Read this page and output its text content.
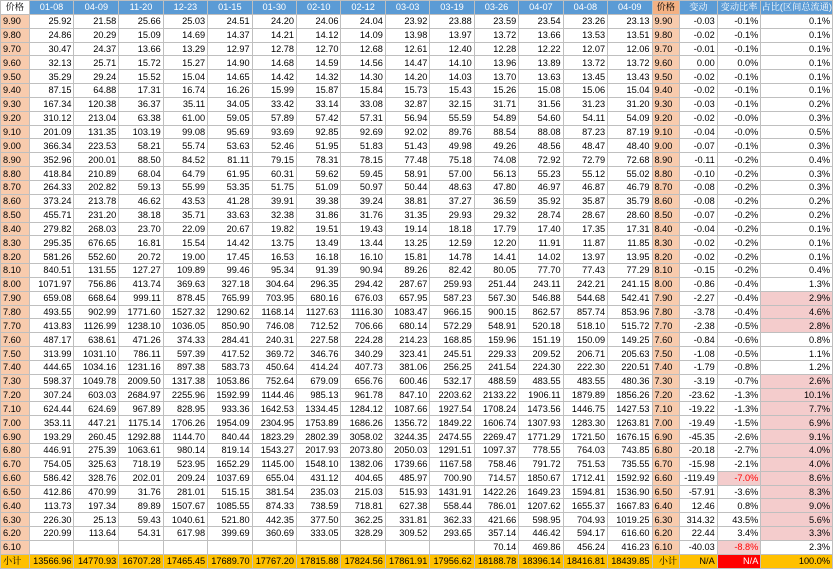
价格	01-08	04-09	11-20	12-23	01-15	01-30	02-10	02-12	03-03	03-19	03-26	04-07	04-08	04-09	价格	变动	变动比率	占比(区间总流通)
9.90	25.92	21.58	25.66	25.03	24.51	24.20	24.06	24.04	23.92	23.88	23.59	23.54	23.26	23.13	9.90	-0.03	-0.1%	0.1%
9.80	24.86	20.29	15.09	14.69	14.37	14.21	14.12	14.09	13.98	13.97	13.72	13.66	13.53	13.51	9.80	-0.02	-0.1%	0.1%
9.70	30.47	24.37	13.66	13.29	12.97	12.78	12.70	12.68	12.61	12.40	12.28	12.22	12.07	12.06	9.70	-0.01	-0.1%	0.1%
9.60	32.13	25.71	15.72	15.27	14.90	14.68	14.59	14.56	14.47	14.10	13.96	13.89	13.72	13.72	9.60	0.00	0.0%	0.1%
9.50	35.29	29.24	15.52	15.04	14.65	14.42	14.32	14.30	14.20	14.03	13.70	13.63	13.45	13.43	9.50	-0.02	-0.1%	0.1%
9.40	87.15	64.88	17.31	16.74	16.26	15.99	15.87	15.84	15.73	15.43	15.26	15.08	15.06	15.04	9.40	-0.02	-0.1%	0.1%
9.30	167.34	120.38	36.37	35.11	34.05	33.42	33.14	33.08	32.87	32.15	31.71	31.56	31.23	31.20	9.30	-0.03	-0.1%	0.2%
9.20	310.12	213.04	63.38	61.00	59.05	57.89	57.42	57.31	56.94	55.59	54.89	54.60	54.11	54.09	9.20	-0.02	-0.0%	0.3%
9.10	201.09	131.35	103.19	99.08	95.69	93.69	92.85	92.69	92.02	89.76	88.54	88.08	87.23	87.19	9.10	-0.04	-0.0%	0.5%
9.00	366.34	223.53	58.21	55.74	53.63	52.46	51.95	51.83	51.43	49.98	49.26	48.56	48.47	48.40	9.00	-0.07	-0.1%	0.3%
8.90	352.96	200.01	88.50	84.52	81.11	79.15	78.31	78.15	77.48	75.18	74.08	72.92	72.79	72.68	8.90	-0.11	-0.2%	0.4%
8.80	418.84	210.89	68.04	64.79	61.95	60.31	59.62	59.45	58.91	57.00	56.13	55.23	55.12	55.02	8.80	-0.10	-0.2%	0.3%
8.70	264.33	202.82	59.13	55.99	53.35	51.75	51.09	50.97	50.44	48.63	47.80	46.97	46.87	46.79	8.70	-0.08	-0.2%	0.3%
8.60	373.24	213.78	46.62	43.53	41.28	39.91	39.38	39.24	38.81	37.27	36.59	35.92	35.87	35.79	8.60	-0.08	-0.2%	0.2%
8.50	455.71	231.20	38.18	35.71	33.63	32.38	31.86	31.76	31.35	29.93	29.32	28.74	28.67	28.60	8.50	-0.07	-0.2%	0.2%
8.40	279.82	268.03	23.70	22.09	20.67	19.82	19.51	19.43	19.14	18.18	17.79	17.40	17.35	17.31	8.40	-0.04	-0.2%	0.1%
8.30	295.35	676.65	16.81	15.54	14.42	13.75	13.49	13.44	13.25	12.59	12.20	11.91	11.87	11.85	8.30	-0.02	-0.2%	0.1%
8.20	581.26	552.60	20.72	19.00	17.45	16.53	16.18	16.10	15.81	14.78	14.41	14.02	13.97	13.95	8.20	-0.02	-0.2%	0.1%
8.10	840.51	131.55	127.27	109.89	99.46	95.34	91.39	90.94	89.26	82.42	80.05	77.70	77.43	77.29	8.10	-0.15	-0.2%	0.4%
8.00	1071.97	756.86	413.74	369.63	327.18	304.64	296.35	294.42	287.67	259.93	251.44	243.11	242.21	241.15	8.00	-0.86	-0.4%	1.3%
7.90	659.08	668.64	999.11	878.45	765.99	703.95	680.16	676.03	657.95	587.23	567.30	546.88	544.68	542.41	7.90	-2.27	-0.4%	2.9%
7.80	493.55	902.99	1771.60	1527.32	1290.62	1168.14	1127.63	1116.30	1083.47	966.15	900.15	862.57	857.74	853.96	7.80	-3.78	-0.4%	4.6%
7.70	413.83	1126.99	1238.10	1036.05	850.90	746.08	712.52	706.66	680.14	572.29	548.91	520.18	518.10	515.72	7.70	-2.38	-0.5%	2.8%
7.60	487.17	638.61	471.26	374.33	284.41	240.31	227.58	224.28	214.23	168.85	159.96	151.19	150.09	149.25	7.60	-0.84	-0.6%	0.8%
7.50	313.99	1031.10	786.11	597.39	417.52	369.72	346.76	340.29	323.41	245.51	229.33	209.52	206.71	205.63	7.50	-1.08	-0.5%	1.1%
7.40	444.65	1034.16	1231.16	897.38	583.73	450.64	414.24	407.73	381.06	256.25	241.54	224.30	222.30	220.51	7.40	-1.79	-0.8%	1.2%
7.30	598.37	1049.78	2009.50	1317.38	1053.86	752.64	679.09	656.76	600.46	532.17	488.59	483.55	483.55	480.36	7.30	-3.19	-0.7%	2.6%
7.20	307.24	603.03	2684.97	2255.96	1592.99	1144.46	985.13	961.78	847.10	2203.62	2133.22	1906.11	1879.89	1856.26	7.20	-23.62	-1.3%	10.1%
7.10	624.44	624.69	967.89	828.95	933.36	1642.53	1334.45	1284.12	1087.66	1927.54	1708.24	1473.56	1446.75	1427.53	7.10	-19.22	-1.3%	7.7%
7.00	353.11	447.21	1175.14	1706.26	1954.09	2304.95	1753.89	1686.26	1356.72	1849.22	1606.74	1307.93	1283.30	1263.81	7.00	-19.49	-1.5%	6.9%
6.90	193.29	260.45	1292.88	1144.70	840.44	1823.29	2802.39	3058.02	3244.35	2474.55	2269.47	1771.29	1721.50	1676.15	6.90	-45.35	-2.6%	9.1%
6.80	446.91	275.39	1063.61	980.14	819.14	1543.27	2017.93	2073.80	2050.03	1291.51	1097.37	778.55	764.03	743.85	6.80	-20.18	-2.7%	4.0%
6.70	754.05	325.63	718.19	523.95	1652.29	1145.00	1548.10	1382.06	1739.66	1167.58	758.46	791.72	751.53	735.55	6.70	-15.98	-2.1%	4.0%
6.60	586.42	328.76	202.01	209.24	1037.69	655.04	431.12	404.65	485.97	700.90	714.57	1850.67	1712.41	1592.92	6.60	-119.49	-7.0%	8.6%
6.50	412.86	470.99	31.76	281.01	515.15	381.54	235.03	215.03	515.93	1431.91	1422.26	1649.23	1594.81	1536.90	6.50	-57.91	-3.6%	8.3%
6.40	113.73	197.34	89.89	1507.67	1085.55	874.33	738.59	718.81	627.38	558.44	786.01	1207.62	1655.37	1667.83	6.40	12.46	0.8%	9.0%
6.30	226.30	25.13	59.43	1040.61	521.80	442.35	377.50	362.25	331.81	362.33	421.66	598.95	704.93	1019.25	6.30	314.32	43.5%	5.6%
6.20	220.99	113.64	54.31	617.98	399.69	360.69	333.05	328.29	309.52	293.65	357.14	446.42	594.17	616.60	6.20	22.44	3.4%	3.3%
6.10											70.14	469.86	456.24	416.23	6.10	-40.03	-8.8%	2.3%
小计	13566.96	14770.93	16707.28	17465.45	17689.70	17767.20	17815.88	17824.56	17861.91	17956.62	18188.78	18396.14	18416.81	18439.85	小计	N/A	N/A	100.0%
